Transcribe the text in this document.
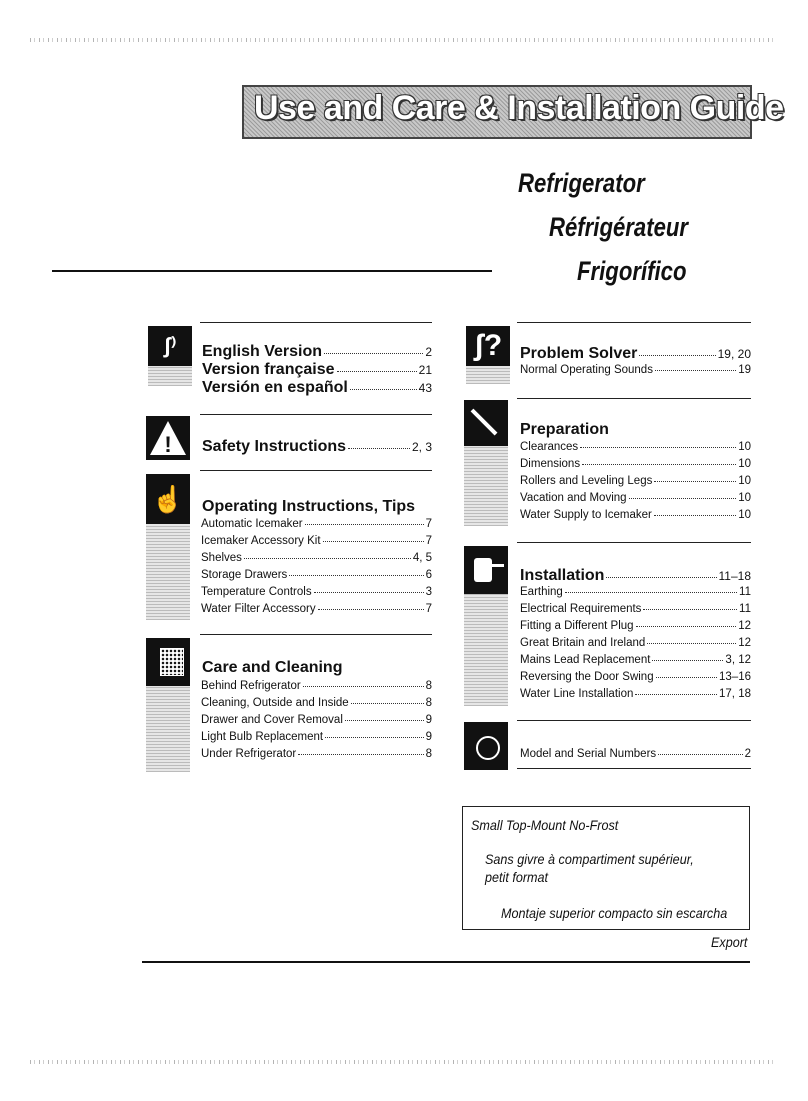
Use and Care & Installation Guide
Refrigerator
Réfrigérateur
Frigorífico
ʃ⁾	English Version	2
Version française	21
Versión en español	43
! Safety Instructions	2, 3
☝	Operating Instructions, Tips
Automatic Icemaker	7
Icemaker Accessory Kit	7
Shelves	4, 5
Storage Drawers	6
Temperature Controls	3
Water Filter Accessory	7
Care and Cleaning
Behind Refrigerator	8
Cleaning, Outside and Inside	8
Drawer and Cover Removal	9
Light Bulb Replacement	9
Under Refrigerator	8
ʃ?	Problem Solver	19, 20
Normal Operating Sounds	19
Preparation
Clearances	10
Dimensions	10
Rollers and Leveling Legs	10
Vacation and Moving	10
Water Supply to Icemaker	10
Installation	11–18
Earthing	11
Electrical Requirements	11
Fitting a Different Plug	12
Great Britain and Ireland	12
Mains Lead Replacement	3, 12
Reversing the Door Swing	13–16
Water Line Installation	17, 18
Model and Serial Numbers	2
Small Top-Mount No-Frost
Sans givre à compartiment supérieur,
petit format
Montaje superior compacto sin escarcha
Export
